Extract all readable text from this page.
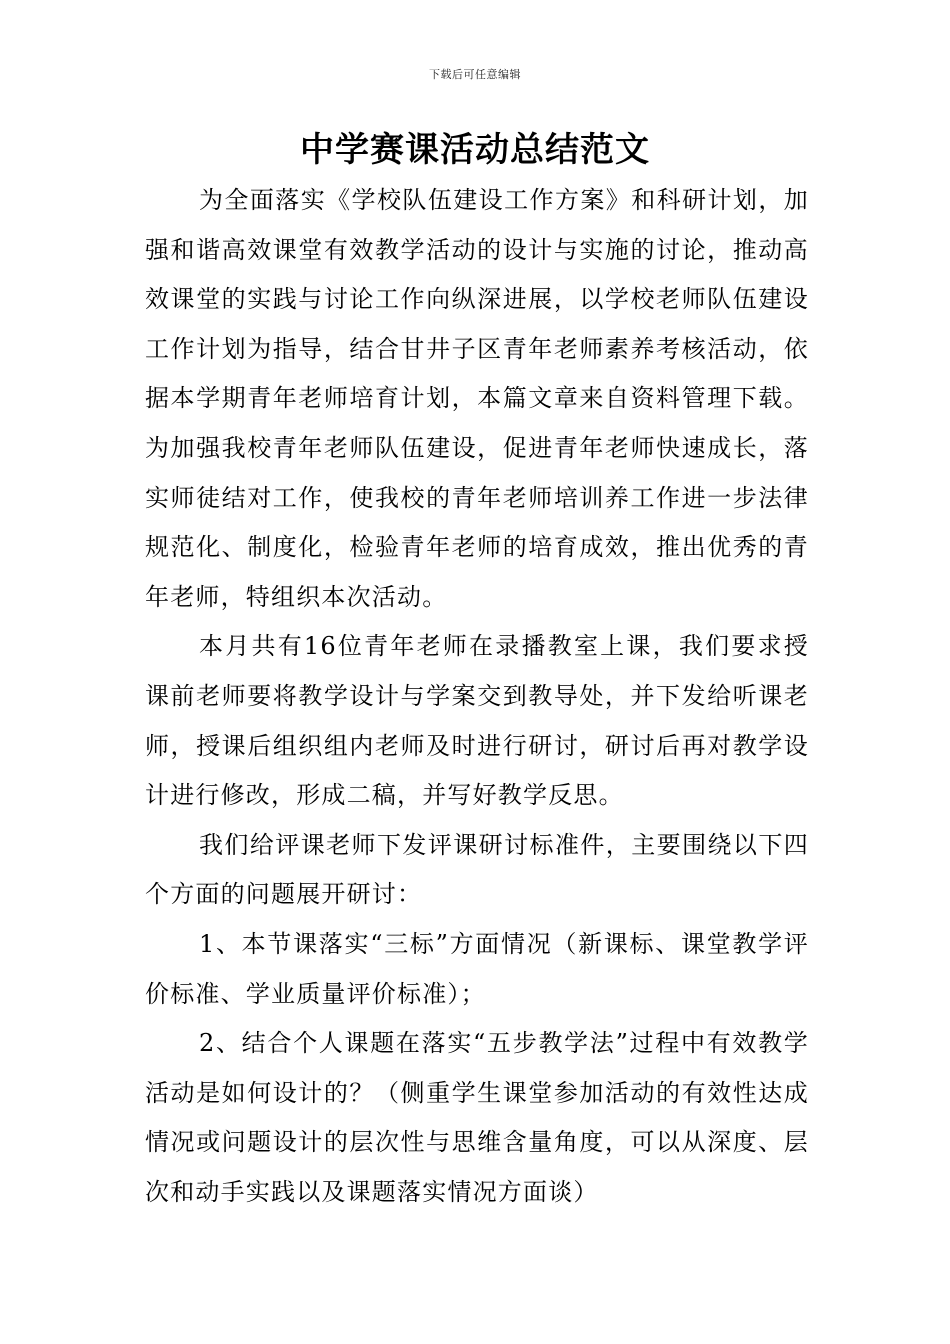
下载后可任意编辑
中学赛课活动总结范文

为全面落实《学校队伍建设工作方案》和科研计划，加强和谐高效课堂有效教学活动的设计与实施的讨论，推动高效课堂的实践与讨论工作向纵深进展，以学校老师队伍建设工作计划为指导，结合甘井子区青年老师素养考核活动，依据本学期青年老师培育计划，本篇文章来自资料管理下载。为加强我校青年老师队伍建设，促进青年老师快速成长，落实师徒结对工作，使我校的青年老师培训养工作进一步法律规范化、制度化，检验青年老师的培育成效，推出优秀的青年老师，特组织本次活动。

本月共有16位青年老师在录播教室上课，我们要求授课前老师要将教学设计与学案交到教导处，并下发给听课老师，授课后组织组内老师及时进行研讨，研讨后再对教学设计进行修改，形成二稿，并写好教学反思。

我们给评课老师下发评课研讨标准件，主要围绕以下四个方面的问题展开研讨：

1、本节课落实“三标”方面情况（新课标、课堂教学评价标准、学业质量评价标准）；

2、结合个人课题在落实“五步教学法”过程中有效教学活动是如何设计的？（侧重学生课堂参加活动的有效性达成情况或问题设计的层次性与思维含量角度，可以从深度、层次和动手实践以及课题落实情况方面谈）
